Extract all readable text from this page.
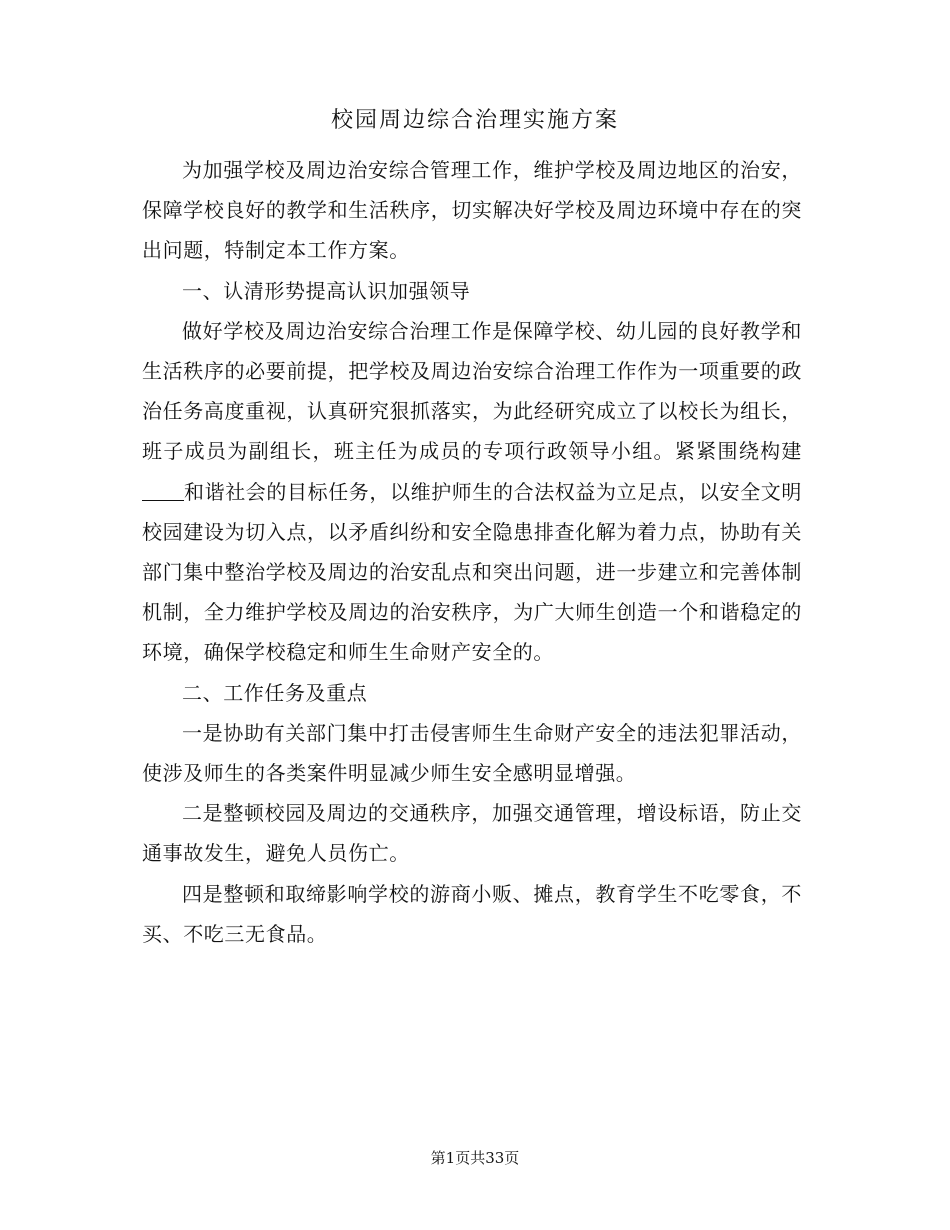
校园周边综合治理实施方案

为加强学校及周边治安综合管理工作，维护学校及周边地区的治安，保障学校良好的教学和生活秩序，切实解决好学校及周边环境中存在的突出问题，特制定本工作方案。

一、认清形势提高认识加强领导

做好学校及周边治安综合治理工作是保障学校、幼儿园的良好教学和生活秩序的必要前提，把学校及周边治安综合治理工作作为一项重要的政治任务高度重视，认真研究狠抓落实，为此经研究成立了以校长为组长，班子成员为副组长，班主任为成员的专项行政领导小组。紧紧围绕构建和谐社会的目标任务，以维护师生的合法权益为立足点，以安全文明校园建设为切入点，以矛盾纠纷和安全隐患排查化解为着力点，协助有关部门集中整治学校及周边的治安乱点和突出问题，进一步建立和完善体制机制，全力维护学校及周边的治安秩序，为广大师生创造一个和谐稳定的环境，确保学校稳定和师生生命财产安全的。

二、工作任务及重点

一是协助有关部门集中打击侵害师生生命财产安全的违法犯罪活动，使涉及师生的各类案件明显减少师生安全感明显增强。

二是整顿校园及周边的交通秩序，加强交通管理，增设标语，防止交通事故发生，避免人员伤亡。

四是整顿和取缔影响学校的游商小贩、摊点，教育学生不吃零食，不买、不吃三无食品。

第1页共33页
